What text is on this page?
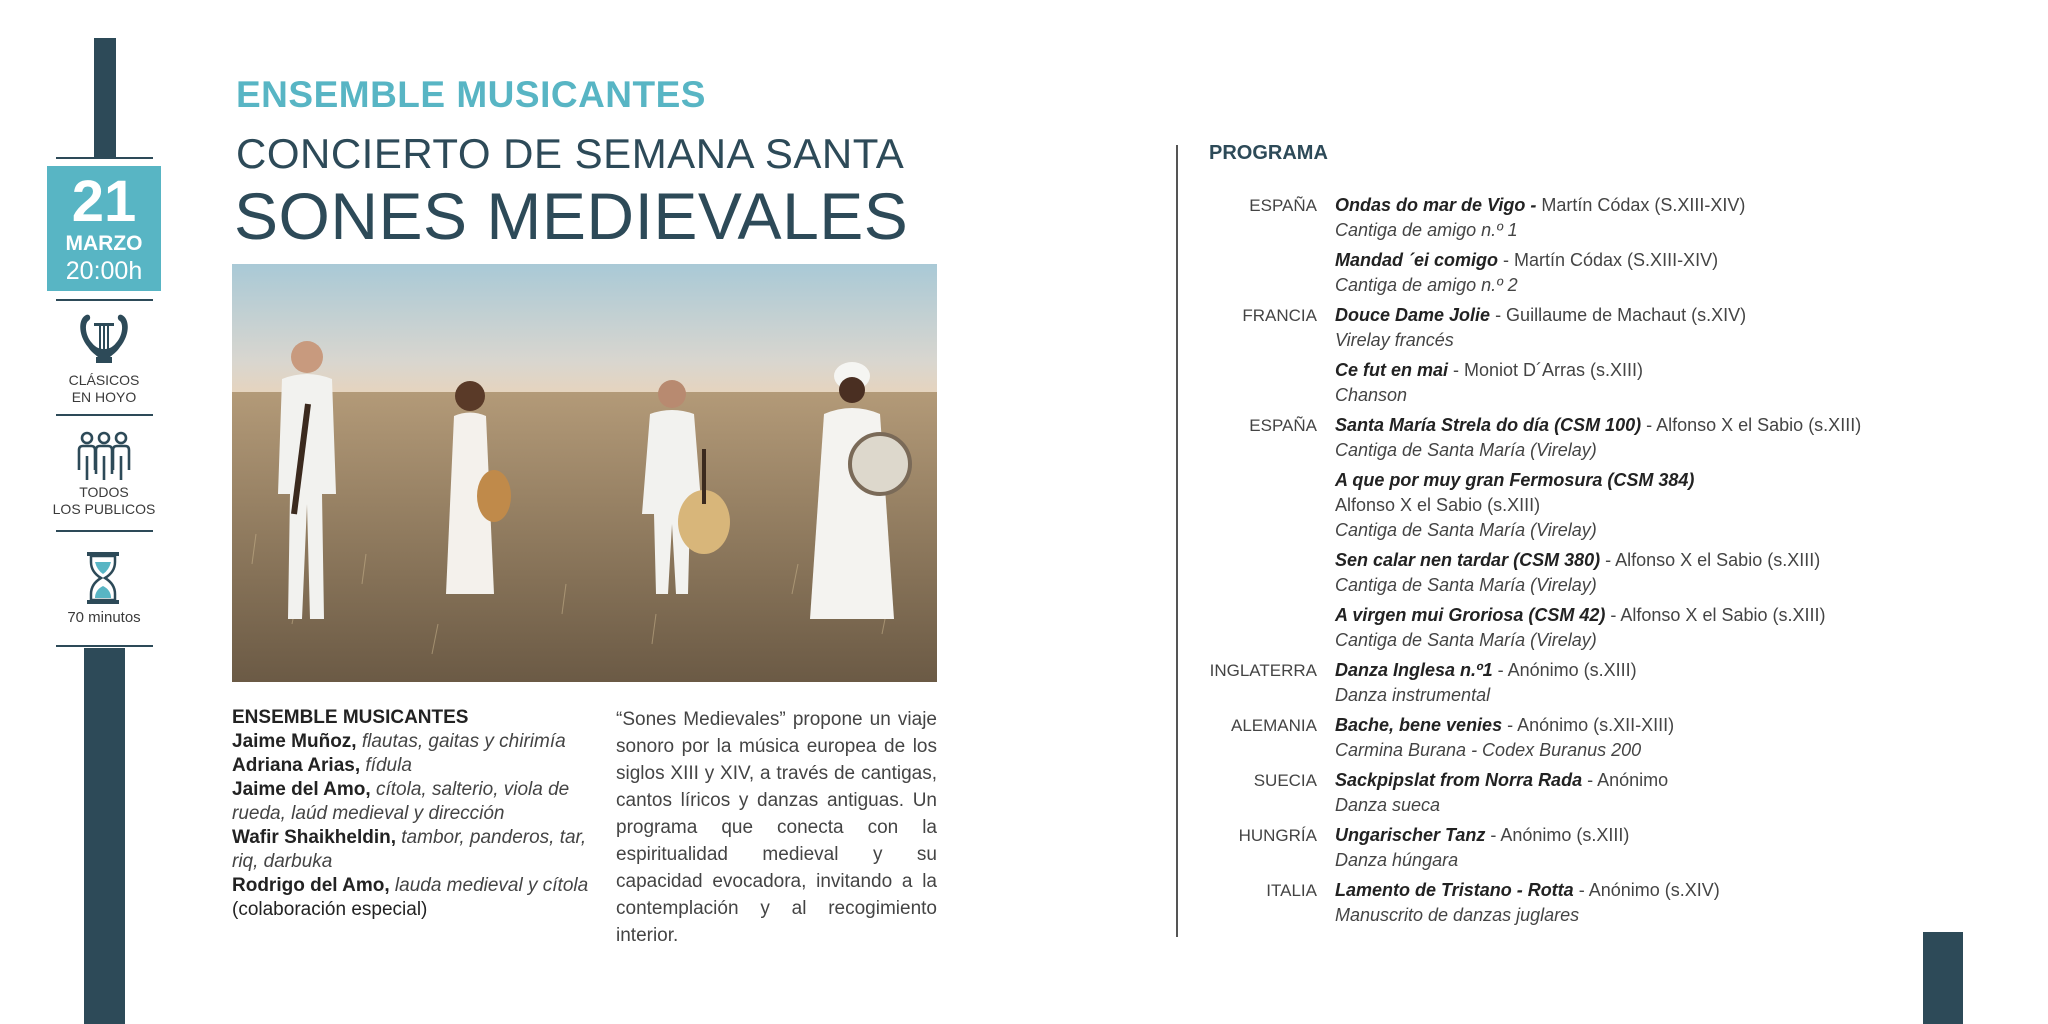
21
MARZO
20:00h
CLÁSICOS
EN HOYO
TODOS
LOS PUBLICOS
70 minutos
ENSEMBLE MUSICANTES
CONCIERTO DE SEMANA SANTA
SONES MEDIEVALES
ENSEMBLE MUSICANTES
Jaime Muñoz, flautas, gaitas y chirimía
Adriana Arias, fídula
Jaime del Amo, cítola, salterio, viola de rueda, laúd medieval y dirección
Wafir Shaikheldin, tambor, panderos, tar, riq, darbuka
Rodrigo del Amo, lauda medieval y cítola (colaboración especial)
“Sones Medievales” propone un viaje sonoro por la música europea de los siglos XIII y XIV, a través de cantigas, cantos líricos y danzas antiguas. Un programa que conecta con la espiritualidad medieval y su capacidad evocadora, invitando a la contemplación y al recogimiento interior.
PROGRAMA
ESPAÑA	Ondas do mar de Vigo - Martín Códax (S.XIII-XIV)
Cantiga de amigo n.º 1
Mandad ´ei comigo - Martín Códax (S.XIII-XIV)
Cantiga de amigo n.º 2
FRANCIA	Douce Dame Jolie - Guillaume de Machaut (s.XIV)
Virelay francés
Ce fut en mai - Moniot D´Arras (s.XIII)
Chanson
ESPAÑA	Santa María Strela do día (CSM 100) - Alfonso X el Sabio (s.XIII)
Cantiga de Santa María (Virelay)
A que por muy gran Fermosura (CSM 384)
Alfonso X el Sabio (s.XIII)
Cantiga de Santa María (Virelay)
Sen calar nen tardar (CSM 380) - Alfonso X el Sabio (s.XIII)
Cantiga de Santa María (Virelay)
A virgen mui Groriosa (CSM 42) - Alfonso X el Sabio (s.XIII)
Cantiga de Santa María (Virelay)
INGLATERRA	Danza Inglesa n.º1 - Anónimo (s.XIII)
Danza instrumental
ALEMANIA	Bache, bene venies - Anónimo (s.XII-XIII)
Carmina Burana - Codex Buranus 200
SUECIA	Sackpipslat from Norra Rada - Anónimo
Danza sueca
HUNGRÍA	Ungarischer Tanz - Anónimo (s.XIII)
Danza húngara
ITALIA	Lamento de Tristano - Rotta - Anónimo (s.XIV)
Manuscrito de danzas juglares
